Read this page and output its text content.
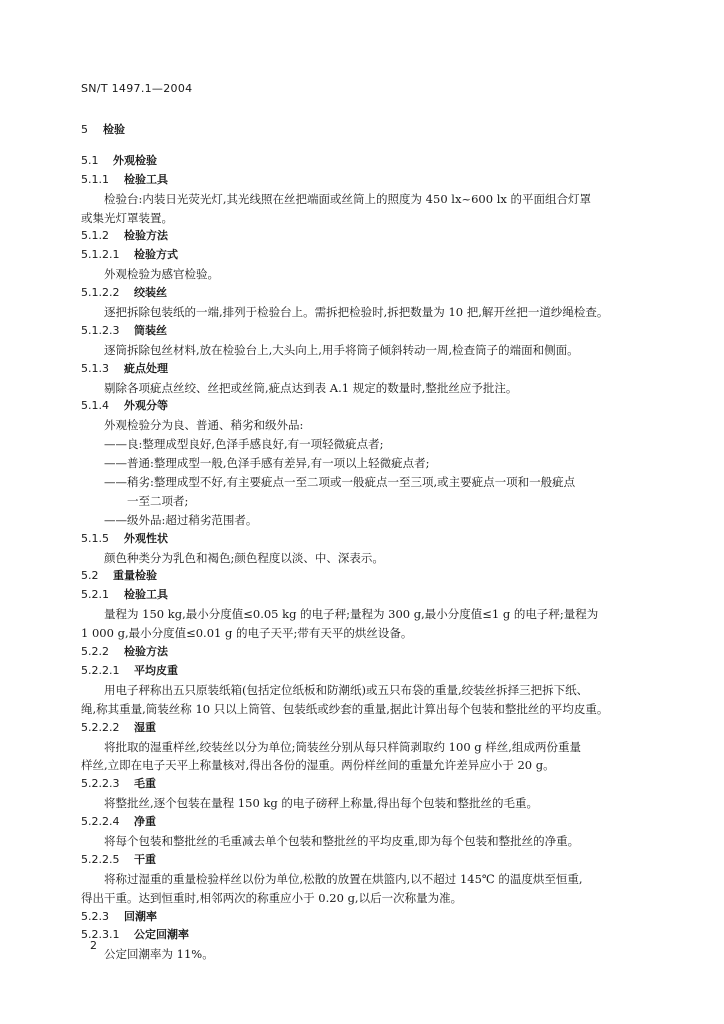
SN/T 1497.1—2004
5 检验
5.1 外观检验
5.1.1 检验工具
检验台:内装日光荧光灯,其光线照在丝把端面或丝筒上的照度为 450 lx~600 lx 的平面组合灯罩
或集光灯罩装置。
5.1.2 检验方法
5.1.2.1 检验方式
外观检验为感官检验。
5.1.2.2 绞装丝
逐把拆除包装纸的一端,排列于检验台上。需拆把检验时,拆把数量为 10 把,解开丝把一道纱绳检查。
5.1.2.3 筒装丝
逐筒拆除包丝材料,放在检验台上,大头向上,用手将筒子倾斜转动一周,检查筒子的端面和侧面。
5.1.3 疵点处理
剔除各项疵点丝绞、丝把或丝筒,疵点达到表 A.1 规定的数量时,整批丝应予批注。
5.1.4 外观分等
外观检验分为良、普通、稍劣和级外品:
——良:整理成型良好,色泽手感良好,有一项轻微疵点者;
——普通:整理成型一般,色泽手感有差异,有一项以上轻微疵点者;
——稍劣:整理成型不好,有主要疵点一至二项或一般疵点一至三项,或主要疵点一项和一般疵点
一至二项者;
——级外品:超过稍劣范围者。
5.1.5 外观性状
颜色种类分为乳色和褐色;颜色程度以淡、中、深表示。
5.2 重量检验
5.2.1 检验工具
量程为 150 kg,最小分度值≤0.05 kg 的电子秤;量程为 300 g,最小分度值≤1 g 的电子秤;量程为
1 000 g,最小分度值≤0.01 g 的电子天平;带有天平的烘丝设备。
5.2.2 检验方法
5.2.2.1 平均皮重
用电子秤称出五只原装纸箱(包括定位纸板和防潮纸)或五只布袋的重量,绞装丝拆择三把拆下纸、
绳,称其重量,筒装丝称 10 只以上筒管、包装纸或纱套的重量,据此计算出每个包装和整批丝的平均皮重。
5.2.2.2 湿重
将批取的湿重样丝,绞装丝以分为单位;筒装丝分别从每只样筒剥取约 100 g 样丝,组成两份重量
样丝,立即在电子天平上称量核对,得出各份的湿重。两份样丝间的重量允许差异应小于 20 g。
5.2.2.3 毛重
将整批丝,逐个包装在量程 150 kg 的电子磅秤上称量,得出每个包装和整批丝的毛重。
5.2.2.4 净重
将每个包装和整批丝的毛重减去单个包装和整批丝的平均皮重,即为每个包装和整批丝的净重。
5.2.2.5 干重
将称过湿重的重量检验样丝以份为单位,松散的放置在烘篮内,以不超过 145℃ 的温度烘至恒重,
得出干重。达到恒重时,相邻两次的称重应小于 0.20 g,以后一次称量为准。
5.2.3 回潮率
5.2.3.1 公定回潮率
公定回潮率为 11%。
2
